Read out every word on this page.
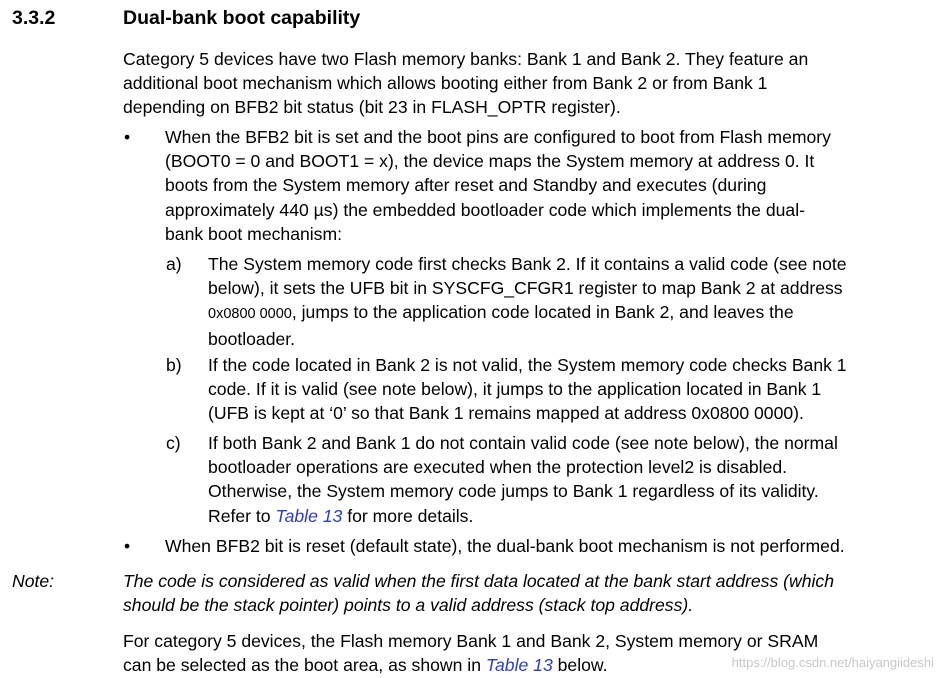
3.3.2	Dual-bank boot capability
Category 5 devices have two Flash memory banks: Bank 1 and Bank 2. They feature an
additional boot mechanism which allows booting either from Bank 2 or from Bank 1
depending on BFB2 bit status (bit 23 in FLASH_OPTR register).
• When the BFB2 bit is set and the boot pins are configured to boot from Flash memory
(BOOT0 = 0 and BOOT1 = x), the device maps the System memory at address 0. It
boots from the System memory after reset and Standby and executes (during
approximately 440 µs) the embedded bootloader code which implements the dual-
bank boot mechanism:
a) The System memory code first checks Bank 2. If it contains a valid code (see note
below), it sets the UFB bit in SYSCFG_CFGR1 register to map Bank 2 at address
0x0800 0000, jumps to the application code located in Bank 2, and leaves the
bootloader.
b) If the code located in Bank 2 is not valid, the System memory code checks Bank 1
code. If it is valid (see note below), it jumps to the application located in Bank 1
(UFB is kept at ‘0’ so that Bank 1 remains mapped at address 0x0800 0000).
c) If both Bank 2 and Bank 1 do not contain valid code (see note below), the normal
bootloader operations are executed when the protection level2 is disabled.
Otherwise, the System memory code jumps to Bank 1 regardless of its validity.
Refer to Table 13 for more details.
• When BFB2 bit is reset (default state), the dual-bank boot mechanism is not performed.
Note:	The code is considered as valid when the first data located at the bank start address (which
should be the stack pointer) points to a valid address (stack top address).
For category 5 devices, the Flash memory Bank 1 and Bank 2, System memory or SRAM
can be selected as the boot area, as shown in Table 13 below.	https://blog.csdn.net/haiyangiideshi
